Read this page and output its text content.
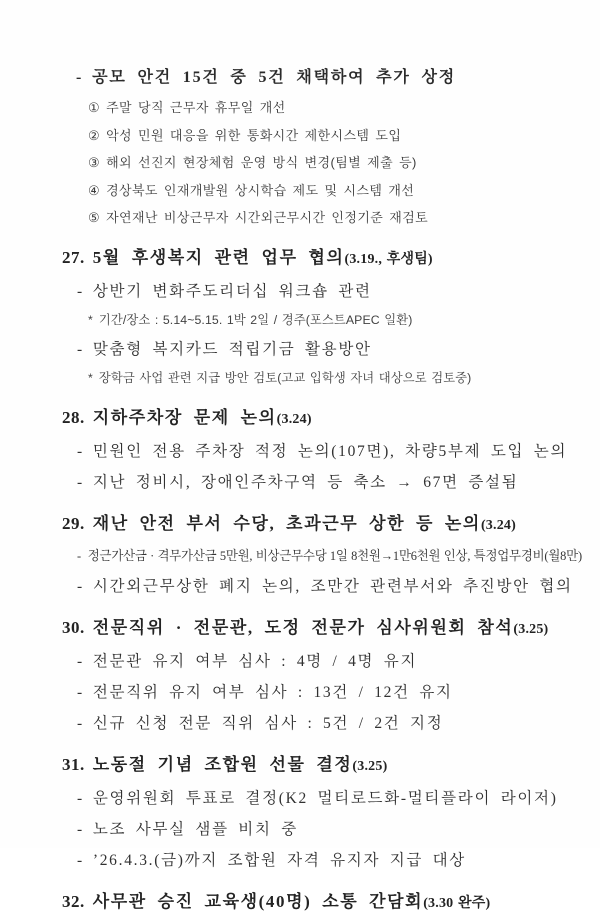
- 공모 안건 15건 중 5건 채택하여 추가 상정
① 주말 당직 근무자 휴무일 개선
② 악성 민원 대응을 위한 통화시간 제한시스템 도입
③ 해외 선진지 현장체험 운영 방식 변경(팀별 제출 등)
④ 경상북도 인재개발원 상시학습 제도 및 시스템 개선
⑤ 자연재난 비상근무자 시간외근무시간 인정기준 재검토
27. 5월 후생복지 관련 업무 협의(3.19., 후생팀)
- 상반기 변화주도리더십 워크숍 관련
* 기간/장소 : 5.14~5.15. 1박 2일 / 경주(포스트APEC 일환)
- 맞춤형 복지카드 적립기금 활용방안
* 장학금 사업 관련 지급 방안 검토(고교 입학생 자녀 대상으로 검토중)
28. 지하주차장 문제 논의(3.24)
- 민원인 전용 주차장 적정 논의(107면), 차량5부제 도입 논의
- 지난 정비시, 장애인주차구역 등 축소 → 67면 증설됨
29. 재난 안전 부서 수당, 초과근무 상한 등 논의(3.24)
- 정근가산금 · 격무가산금 5만원, 비상근무수당 1일 8천원→1만6천원 인상, 특정업무경비(월8만)
- 시간외근무상한 폐지 논의, 조만간 관련부서와 추진방안 협의
30. 전문직위 · 전문관, 도정 전문가 심사위원회 참석(3.25)
- 전문관 유지 여부 심사 : 4명 / 4명 유지
- 전문직위 유지 여부 심사 : 13건 / 12건 유지
- 신규 신청 전문 직위 심사 : 5건 / 2건 지정
31. 노동절 기념 조합원 선물 결정(3.25)
- 운영위원회 투표로 결정(K2 멀티로드화-멀티플라이 라이저)
- 노조 사무실 샘플 비치 중
- ’26.4.3.(금)까지 조합원 자격 유지자 지급 대상
32. 사무관 승진 교육생(40명) 소통 간담회(3.30 완주)
